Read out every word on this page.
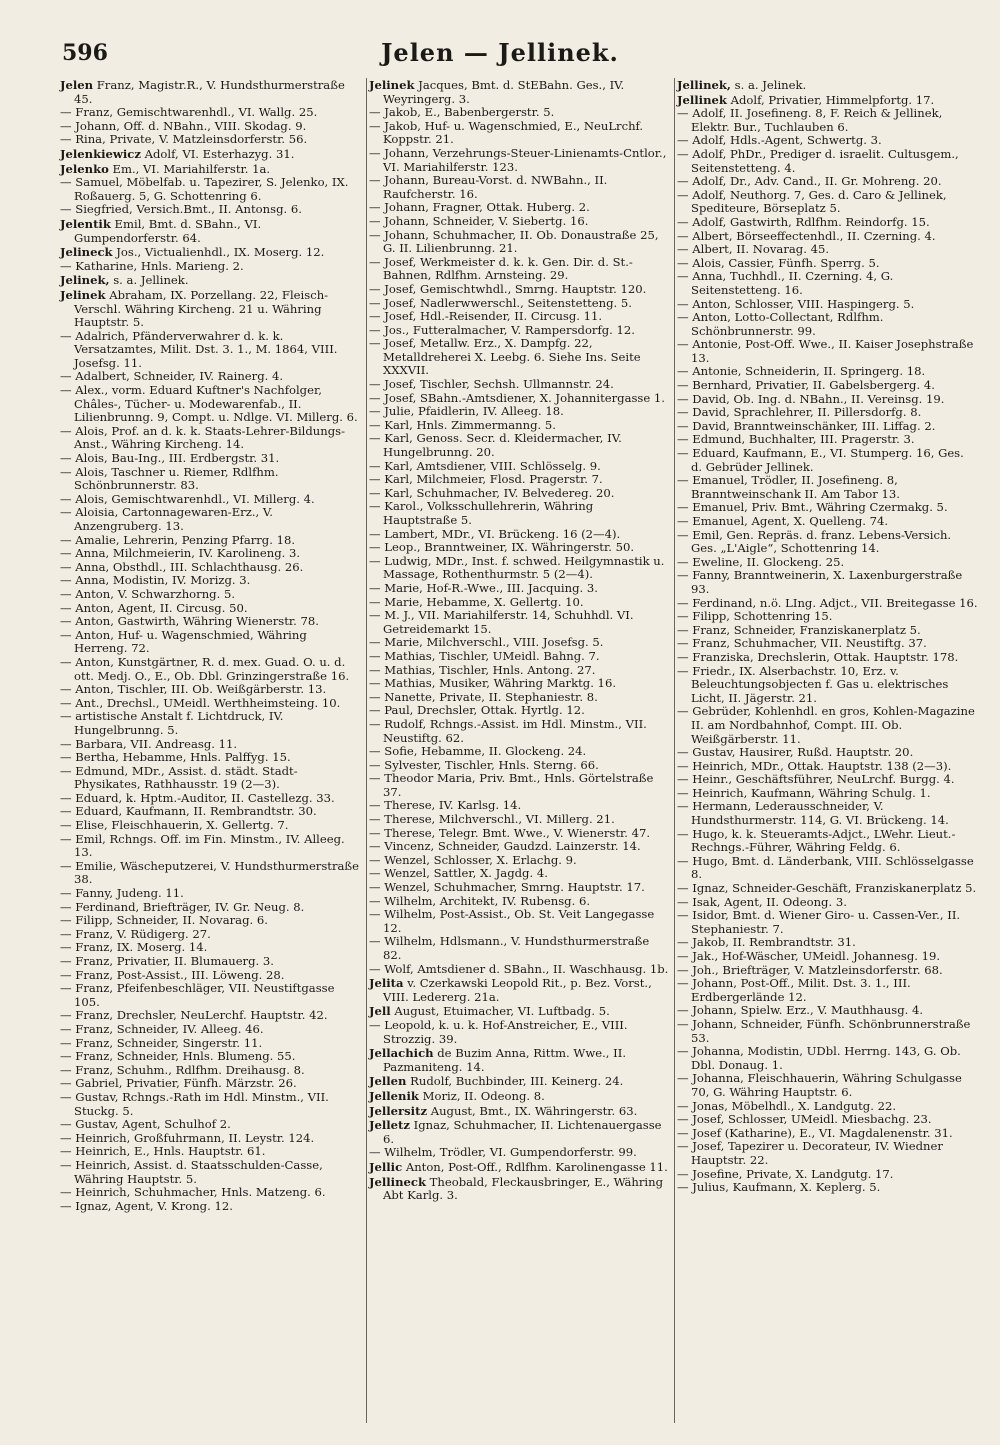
596	Jelen — Jellinek.

Jelen Franz, Magistr.R., V. Hundsthurmerstraße 45.

— Franz, Gemischtwarenhdl., VI. Wallg. 25.

— Johann, Off. d. NBahn., VIII. Skodag. 9.

— Rina, Private, V. Matzleinsdorferstr. 56.

Jelenkiewicz Adolf, VI. Esterhazyg. 31.

Jelenko Em., VI. Mariahilferstr. 1a.

— Samuel, Möbelfab. u. Tapezirer, S. Jelenko, IX. Roßauerg. 5, G. Schottenring 6.

— Siegfried, Versich.Bmt., II. Antonsg. 6.

Jelentik Emil, Bmt. d. SBahn., VI. Gumpendorferstr. 64.

Jelineck Jos., Victualienhdl., IX. Moserg. 12.

— Katharine, Hnls. Marieng. 2.

Jelinek, s. a. Jellinek.

Jelinek Abraham, IX. Porzellang. 22, Fleisch-Verschl. Währing Kircheng. 21 u. Währing Hauptstr. 5.

— Adalrich, Pfänderverwahrer d. k. k. Versatzamtes, Milit. Dst. 3. 1., M. 1864, VIII. Josefsg. 11.

— Adalbert, Schneider, IV. Rainerg. 4.

— Alex., vorm. Eduard Kuftner's Nachfolger, Châles-, Tücher- u. Modewarenfab., II. Lilienbrunng. 9, Compt. u. Ndlge. VI. Millerg. 6.

— Alois, Prof. an d. k. k. Staats-Lehrer-Bildungs-Anst., Währing Kircheng. 14.

— Alois, Bau-Ing., III. Erdbergstr. 31.

— Alois, Taschner u. Riemer, Rdlfhm. Schönbrunnerstr. 83.

— Alois, Gemischtwarenhdl., VI. Millerg. 4.

— Aloisia, Cartonnagewaren-Erz., V. Anzengruberg. 13.

— Amalie, Lehrerin, Penzing Pfarrg. 18.

— Anna, Milchmeierin, IV. Karolineng. 3.

— Anna, Obsthdl., III. Schlachthausg. 26.

— Anna, Modistin, IV. Morizg. 3.

— Anton, V. Schwarzhorng. 5.

— Anton, Agent, II. Circusg. 50.

— Anton, Gastwirth, Währing Wienerstr. 78.

— Anton, Huf- u. Wagenschmied, Währing Herreng. 72.

— Anton, Kunstgärtner, R. d. mex. Guad. O. u. d. ott. Medj. O., E., Ob. Dbl. Grinzingerstraße 16.

— Anton, Tischler, III. Ob. Weißgärberstr. 13.

— Ant., Drechsl., UMeidl. Werthheimsteing. 10.

— artistische Anstalt f. Lichtdruck, IV. Hungelbrunng. 5.

— Barbara, VII. Andreasg. 11.

— Bertha, Hebamme, Hnls. Palffyg. 15.

— Edmund, MDr., Assist. d. städt. Stadt-Physikates, Rathhausstr. 19 (2—3).

— Eduard, k. Hptm.-Auditor, II. Castellezg. 33.

— Eduard, Kaufmann, II. Rembrandtstr. 30.

— Elise, Fleischhauerin, X. Gellertg. 7.

— Emil, Rchngs. Off. im Fin. Minstm., IV. Alleeg. 13.

— Emilie, Wäscheputzerei, V. Hundsthurmerstraße 38.

— Fanny, Judeng. 11.

— Ferdinand, Briefträger, IV. Gr. Neug. 8.

— Filipp, Schneider, II. Novarag. 6.

— Franz, V. Rüdigerg. 27.

— Franz, IX. Moserg. 14.

— Franz, Privatier, II. Blumauerg. 3.

— Franz, Post-Assist., III. Löweng. 28.

— Franz, Pfeifenbeschläger, VII. Neustiftgasse 105.

— Franz, Drechsler, NeuLerchf. Hauptstr. 42.

— Franz, Schneider, IV. Alleeg. 46.

— Franz, Schneider, Singerstr. 11.

— Franz, Schneider, Hnls. Blumeng. 55.

— Franz, Schuhm., Rdlfhm. Dreihausg. 8.

— Gabriel, Privatier, Fünfh. Märzstr. 26.

— Gustav, Rchngs.-Rath im Hdl. Minstm., VII. Stuckg. 5.

— Gustav, Agent, Schulhof 2.

— Heinrich, Großfuhrmann, II. Leystr. 124.

— Heinrich, E., Hnls. Hauptstr. 61.

— Heinrich, Assist. d. Staatsschulden-Casse, Währing Hauptstr. 5.

— Heinrich, Schuhmacher, Hnls. Matzeng. 6.

— Ignaz, Agent, V. Krong. 12.

Jelinek Jacques, Bmt. d. StEBahn. Ges., IV. Weyringerg. 3.

— Jakob, E., Babenbergerstr. 5.

— Jakob, Huf- u. Wagenschmied, E., NeuLrchf. Koppstr. 21.

— Johann, Verzehrungs-Steuer-Linienamts-Cntlor., VI. Mariahilferstr. 123.

— Johann, Bureau-Vorst. d. NWBahn., II. Raufcherstr. 16.

— Johann, Fragner, Ottak. Huberg. 2.

— Johann, Schneider, V. Siebertg. 16.

— Johann, Schuhmacher, II. Ob. Donaustraße 25, G. II. Lilienbrunng. 21.

— Josef, Werkmeister d. k. k. Gen. Dir. d. St.-Bahnen, Rdlfhm. Arnsteing. 29.

— Josef, Gemischtwhdl., Smrng. Hauptstr. 120.

— Josef, Nadlerwwerschl., Seitenstetteng. 5.

— Josef, Hdl.-Reisender, II. Circusg. 11.

— Jos., Futteralmacher, V. Rampersdorfg. 12.

— Josef, Metallw. Erz., X. Dampfg. 22, Metalldreherei X. Leebg. 6. Siehe Ins. Seite XXXVII.

— Josef, Tischler, Sechsh. Ullmannstr. 24.

— Josef, SBahn.-Amtsdiener, X. Johannitergasse 1.

— Julie, Pfaidlerin, IV. Alleeg. 18.

— Karl, Hnls. Zimmermanng. 5.

— Karl, Genoss. Secr. d. Kleidermacher, IV. Hungelbrunng. 20.

— Karl, Amtsdiener, VIII. Schlösselg. 9.

— Karl, Milchmeier, Flosd. Pragerstr. 7.

— Karl, Schuhmacher, IV. Belvedereg. 20.

— Karol., Volksschullehrerin, Währing Hauptstraße 5.

— Lambert, MDr., VI. Brückeng. 16 (2—4).

— Leop., Branntweiner, IX. Währingerstr. 50.

— Ludwig, MDr., Inst. f. schwed. Heilgymnastik u. Massage, Rothenthurmstr. 5 (2—4).

— Marie, Hof-R.-Wwe., III. Jacquing. 3.

— Marie, Hebamme, X. Gellertg. 10.

— M. J., VII. Mariahilferstr. 14, Schuhhdl. VI. Getreidemarkt 15.

— Marie, Milchverschl., VIII. Josefsg. 5.

— Mathias, Tischler, UMeidl. Bahng. 7.

— Mathias, Tischler, Hnls. Antong. 27.

— Mathias, Musiker, Währing Marktg. 16.

— Nanette, Private, II. Stephaniestr. 8.

— Paul, Drechsler, Ottak. Hyrtlg. 12.

— Rudolf, Rchngs.-Assist. im Hdl. Minstm., VII. Neustiftg. 62.

— Sofie, Hebamme, II. Glockeng. 24.

— Sylvester, Tischler, Hnls. Sterng. 66.

— Theodor Maria, Priv. Bmt., Hnls. Görtelstraße 37.

— Therese, IV. Karlsg. 14.

— Therese, Milchverschl., VI. Millerg. 21.

— Therese, Telegr. Bmt. Wwe., V. Wienerstr. 47.

— Vincenz, Schneider, Gaudzd. Lainzerstr. 14.

— Wenzel, Schlosser, X. Erlachg. 9.

— Wenzel, Sattler, X. Jagdg. 4.

— Wenzel, Schuhmacher, Smrng. Hauptstr. 17.

— Wilhelm, Architekt, IV. Rubensg. 6.

— Wilhelm, Post-Assist., Ob. St. Veit Langegasse 12.

— Wilhelm, Hdlsmann., V. Hundsthurmerstraße 82.

— Wolf, Amtsdiener d. SBahn., II. Waschhausg. 1b.

Jelita v. Czerkawski Leopold Rit., p. Bez. Vorst., VIII. Ledererg. 21a.

Jell August, Etuimacher, VI. Luftbadg. 5.

— Leopold, k. u. k. Hof-Anstreicher, E., VIII. Strozzig. 39.

Jellachich de Buzim Anna, Rittm. Wwe., II. Pazmaniteng. 14.

Jellen Rudolf, Buchbinder, III. Keinerg. 24.

Jellenik Moriz, II. Odeong. 8.

Jellersitz August, Bmt., IX. Währingerstr. 63.

Jelletz Ignaz, Schuhmacher, II. Lichtenauergasse 6.

— Wilhelm, Trödler, VI. Gumpendorferstr. 99.

Jellic Anton, Post-Off., Rdlfhm. Karolinengasse 11.

Jellineck Theobald, Fleckausbringer, E., Währing Abt Karlg. 3.

Jellinek, s. a. Jelinek.

Jellinek Adolf, Privatier, Himmelpfortg. 17.

— Adolf, II. Josefineng. 8, F. Reich & Jellinek, Elektr. Bur., Tuchlauben 6.

— Adolf, Hdls.-Agent, Schwertg. 3.

— Adolf, PhDr., Prediger d. israelit. Cultusgem., Seitenstetteng. 4.

— Adolf, Dr., Adv. Cand., II. Gr. Mohreng. 20.

— Adolf, Neuthorg. 7, Ges. d. Caro & Jellinek, Spediteure, Börseplatz 5.

— Adolf, Gastwirth, Rdlfhm. Reindorfg. 15.

— Albert, Börseeffectenhdl., II. Czerning. 4.

— Albert, II. Novarag. 45.

— Alois, Cassier, Fünfh. Sperrg. 5.

— Anna, Tuchhdl., II. Czerning. 4, G. Seitenstetteng. 16.

— Anton, Schlosser, VIII. Haspingerg. 5.

— Anton, Lotto-Collectant, Rdlfhm. Schönbrunnerstr. 99.

— Antonie, Post-Off. Wwe., II. Kaiser Josephstraße 13.

— Antonie, Schneiderin, II. Springerg. 18.

— Bernhard, Privatier, II. Gabelsbergerg. 4.

— David, Ob. Ing. d. NBahn., II. Vereinsg. 19.

— David, Sprachlehrer, II. Pillersdorfg. 8.

— David, Branntweinschänker, III. Liffag. 2.

— Edmund, Buchhalter, III. Pragerstr. 3.

— Eduard, Kaufmann, E., VI. Stumperg. 16, Ges. d. Gebrüder Jellinek.

— Emanuel, Trödler, II. Josefineng. 8, Branntweinschank II. Am Tabor 13.

— Emanuel, Priv. Bmt., Währing Czermakg. 5.

— Emanuel, Agent, X. Quelleng. 74.

— Emil, Gen. Repräs. d. franz. Lebens-Versich. Ges. „L'Aigle“, Schottenring 14.

— Eweline, II. Glockeng. 25.

— Fanny, Branntweinerin, X. Laxenburgerstraße 93.

— Ferdinand, n.ö. LIng. Adjct., VII. Breitegasse 16.

— Filipp, Schottenring 15.

— Franz, Schneider, Franziskanerplatz 5.

— Franz, Schuhmacher, VII. Neustiftg. 37.

— Franziska, Drechslerin, Ottak. Hauptstr. 178.

— Friedr., IX. Alserbachstr. 10, Erz. v. Beleuchtungsobjecten f. Gas u. elektrisches Licht, II. Jägerstr. 21.

— Gebrüder, Kohlenhdl. en gros, Kohlen-Magazine II. am Nordbahnhof, Compt. III. Ob. Weißgärberstr. 11.

— Gustav, Hausirer, Rußd. Hauptstr. 20.

— Heinrich, MDr., Ottak. Hauptstr. 138 (2—3).

— Heinr., Geschäftsführer, NeuLrchf. Burgg. 4.

— Heinrich, Kaufmann, Währing Schulg. 1.

— Hermann, Lederausschneider, V. Hundsthurmerstr. 114, G. VI. Brückeng. 14.

— Hugo, k. k. Steueramts-Adjct., LWehr. Lieut.-Rechngs.-Führer, Währing Feldg. 6.

— Hugo, Bmt. d. Länderbank, VIII. Schlösselgasse 8.

— Ignaz, Schneider-Geschäft, Franziskanerplatz 5.

— Isak, Agent, II. Odeong. 3.

— Isidor, Bmt. d. Wiener Giro- u. Cassen-Ver., II. Stephaniestr. 7.

— Jakob, II. Rembrandtstr. 31.

— Jak., Hof-Wäscher, UMeidl. Johannesg. 19.

— Joh., Briefträger, V. Matzleinsdorferstr. 68.

— Johann, Post-Off., Milit. Dst. 3. 1., III. Erdbergerlände 12.

— Johann, Spielw. Erz., V. Mauthhausg. 4.

— Johann, Schneider, Fünfh. Schönbrunnerstraße 53.

— Johanna, Modistin, UDbl. Herrng. 143, G. Ob. Dbl. Donaug. 1.

— Johanna, Fleischhauerin, Währing Schulgasse 70, G. Währing Hauptstr. 6.

— Jonas, Möbelhdl., X. Landgutg. 22.

— Josef, Schlosser, UMeidl. Miesbachg. 23.

— Josef (Katharine), E., VI. Magdalenenstr. 31.

— Josef, Tapezirer u. Decorateur, IV. Wiedner Hauptstr. 22.

— Josefine, Private, X. Landgutg. 17.

— Julius, Kaufmann, X. Keplerg. 5.
